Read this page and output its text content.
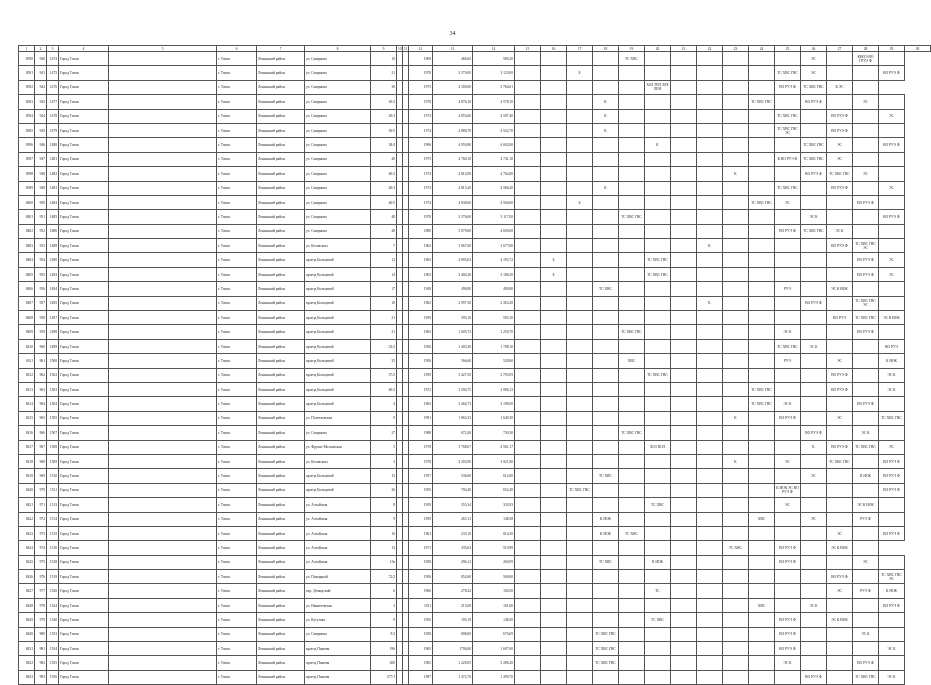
34
1	2	3	4	5	6	7	8	9	10	11	12	13	14	15	16	17	18	19	20	21	22	23	24	25	26	27	28	29	30
8390	940	1474	Город Томск		г. Томск	Ленинский район	ул. Смирнова	10			1969	466,60	580,20					ТС ХВС							ЭС		КНОЭ ВО ГРУЭ Ф		
8391	941	1475	Город Томск		г. Томск	Ленинский район	ул. Смирнова	21			1970	3 570,00	3 123,00			Б								ТС ХВС ГВС	ЭС			ВО РУЭ Ф	
8392	942	1476	Город Томск		г. Томск	Ленинский район	ул. Смирнова	30			1975	4 300,00	3 764,61						ХОЗ ТЕП ЭЛЕ ЛЕН					ВО РУЭ Ф	ТС ХВС ГВС	К ЭС			
8393	943	1477	Город Томск		г. Томск	Ленинский район	ул. Смирнова	30/2			1978	4 876,10	4 578,10				К						ТС ХВС ГВС		ВО РУЭ Ф		ЭС		
8394	944	1478	Город Томск		г. Томск	Ленинский район	ул. Смирнова	30/3			1974	4 853,60	4 507,40				К							ТС ХВС ГВС		ВО РУЭ Ф		ЭС	
8395	945	1479	Город Томск		г. Томск	Ленинский район	ул. Смирнова	30/5			1974	4 880,70	4 522,70				К							ТС ХВС ГВС ЭС		ВО РУЭ Ф			
8396	946	1480	Город Томск		г. Томск	Ленинский район	ул. Смирнова	38/4			1996	4 950,80	4 602,00						К						ТС ХВС ГВС	ЭС		ВО РУЭ Ф	
8397	947	1481	Город Томск		г. Томск	Ленинский район	ул. Смирнова	40			1975	4 760,10	4 741,10											К ВО РУЭ Ф	ТС ХВС ГВС	ЭС			
8398	948	1482	Город Томск		г. Томск	Ленинский район	ул. Смирнова	40/2			1974	4 814,90	4 764,00									К			ВО РУЭ Ф	ТС ХВС ГВС	ЭС		
8399	949	1483	Город Томск		г. Томск	Ленинский район	ул. Смирнова	40/3			1974	4 815,20	4 566,20				К							ТС ХВС ГВС		ВО РУЭ Ф		ЭС	
8400	950	1484	Город Томск		г. Томск	Ленинский район	ул. Смирнова	40/5			1974	4 830,60	4 566,00			Б							ТС ХВС ГВС	ЭС			ВО РУЭ Ф		
8401	951	1485	Город Томск		г. Томск	Ленинский район	ул. Смирнова	48			1970	3 576,00	3 117,00					ТС ХВС ГВС							ЭС К			ВО РУЭ Ф	
8402	952	1486	Город Томск		г. Томск	Ленинский район	ул. Смирнова	48			1980	5 079,60	4 600,00											ВО РУЭ Ф	ТС ХВС ГВС	ЭС К			
8403	953	1488	Город Томск		г. Томск	Ленинский район	ул. Котовского	7			1962	3 867,60	3 677,60								К					ВО РУЭ Ф	ТС ХВС ГВС ЭС		
8404	954	1490	Город Томск		г. Томск	Ленинский район	проезд Кольцевой	12			1963	4 095,02	4 193,72		Б				ТС ХВС ГВС								ВО РУЭ Ф	ЭС	
8405	955	1492	Город Томск		г. Томск	Ленинский район	проезд Кольцевой	14			1963	3 404,20	3 186,50		Б				ТС ХВС ГВС								ВО РУЭ Ф	ЭС	
8406	956	1494	Город Томск		г. Томск	Ленинский район	проезд Кольцевой	17			1949	490,80	490,80				ТС ХВС							РУЭ		ЭС К НОК			
8407	957	1495	Город Томск		г. Томск	Ленинский район	проезд Кольцевой	18			1962	2 097,30	2 363,20								К				ВО РУЭ Ф		ТС ХВС ГВС ЭС		
8408	958	1497	Город Томск		г. Томск	Ленинский район	проезд Кольцевой	21			1959	595,10	595,10													ВО РУЭ	ТС ХВС ГВС	ЭС К НОК	
8409	959	1498	Город Томск		г. Томск	Ленинский район	проезд Кольцевой	31			1963	1 605,72	1 250,70					ТС ХВС ГВС						ЭС К			ВО РУЭ Ф		
8410	960	1499	Город Томск		г. Томск	Ленинский район	проезд Кольцевой	33/2			1956	1 403,30	1 708,10											ТС ХВС ГВС	ЭС К			ВО РУЭ	
8411	961	1500	Город Томск		г. Томск	Ленинский район	проезд Кольцевой	35			1956	566,60	528,60					ХВС						РУЭ		ЭС		К НОК	
8412	962	1502	Город Томск		г. Томск	Ленинский район	проезд Кольцевой	37/2			1959	3 427,50	2 793,95						ТС ХВС ГВС							ВО РУЭ Ф		ЭС К	
8413	963	1503	Город Томск		г. Томск	Ленинский район	проезд Кольцевой	40/2			1972	3 594,75	2 996,13										ТС ХВС ГВС			ВО РУЭ Ф		ЭС К	
8414	964	1504	Город Томск		г. Томск	Ленинский район	проезд Кольцевой	4			1963	3 464,73	3 198,50										ТС ХВС ГВС	ЭС К			ВО РУЭ Ф		
8415	965	1505	Город Томск		г. Томск	Ленинский район	ул. Полетаевская	9			1991	1 863,33	1 649,30									К		ВО РУЭ Ф		ЭС		ТС ХВС ГВС	
8416	966	1507	Город Томск		г. Томск	Ленинский район	ул. Смирнова	27			1988	672,40	730,30					ТС ХВС ГВС							ВО РУЭ Ф		ЭС К		
8417	967	1508	Город Томск		г. Томск	Ленинский район	ул. Фрунзе Московская	5			1978	5 768,67	4 561,17						ХОЗ ПОЛ						К	ВО РУЭ Ф	ТС ХВС ГВС	ЭС	
8418	968	1509	Город Томск		г. Томск	Ленинский район	ул. Котовского	3			1978	4 303,90	3 921,90									К		ЭС		ТС ХВС ГВС		ВО РУЭ Ф	
8419	969	1510	Город Томск		г. Томск	Ленинский район	проезд Кольцевой	15			1957	536,60	612,60				ТС ХВС								ЭС		К НОК	ВО РУЭ Ф	
8420	970	1511	Город Томск		г. Томск	Ленинский район	проезд Кольцевой	26			1956	704,40	652,40			ТС ХВС ГВС								К НОК ЭС ВО РУЭ Ф				ВО РУЭ Ф	
8421	971	1513	Город Томск		г. Томск	Ленинский район	ул. Алтайская	8			1959	353,34	333,93						ТС ХВС					ЭС			ЭС К НОК		
8422	972	1514	Город Томск		г. Томск	Ленинский район	ул. Алтайская	9			1959	263,13	148,38				К НОК						ХВС		ЭС		РУЭ Ф		
8423	973	1515	Город Томск		г. Томск	Ленинский район	ул. Алтайская	10			1961	235,10	014,50				К НОК	ТС ХВС								ЭС		ВО РУЭ Ф	
8424	974	1516	Город Томск		г. Томск	Ленинский район	ул. Алтайская	13			1971	335,63	519,99									ТС ХВС		ВО РУЭ Ф		ЭС К НОК			
8425	975	1518	Город Томск		г. Томск	Ленинский район	ул. Алтайская	15а			1958	296,12	260,09				ТС ХВС		К НОК					ВО РУЭ Ф			ЭС		
8426	976	1519	Город Томск		г. Томск	Ленинский район	ул. Пожарный	72/2			1956	852,60	569,00													ВО РУЭ Ф		ТС ХВС ГВС ЭС	
8427	977	1520	Город Томск		г. Томск	Ленинский район	пер. Демидский	6			1966	278,42	104,50						ТС							ЭС	РУЭ Ф	К НОК	
8428	978	1524	Город Томск		г. Томск	Ленинский район	ул. Ивантеевская	3			1911	213,09	161,00										ХВС		ЭС К			ВО РУЭ Ф	
8429	979	1540	Город Томск		г. Томск	Ленинский район	ул. Кутузова	9			1950	195,19	148,50						ТС ХВС					ВО РУЭ Ф		ЭС К НОК			
8430	980	1553	Город Томск		г. Томск	Ленинский район	ул. Смирнова	9/2			1958	808,00	676,69				ТС ХВС ГВС							ВО РУЭ Ф			ЭС К		
8431	981	1554	Город Томск		г. Томск	Ленинский район	проезд Пижевя	196			1965	1794,60	1 697,60				ТС ХВС ГВС							ВО РУЭ Ф				ЭС К	
8432	982	1555	Город Томск		г. Томск	Ленинский район	проезд Пижевя	200			1965	1 220,05	3 286,20				ТС ХВС ГВС							ЭС К			ВО РУЭ Ф		
8433	983	1556	Город Томск		г. Томск	Ленинский район	проезд Пижевя	277/1			1987	1 472,70	1 299,70												ВО РУЭ Ф		ТС ХВС ГВС	ЭС К	
